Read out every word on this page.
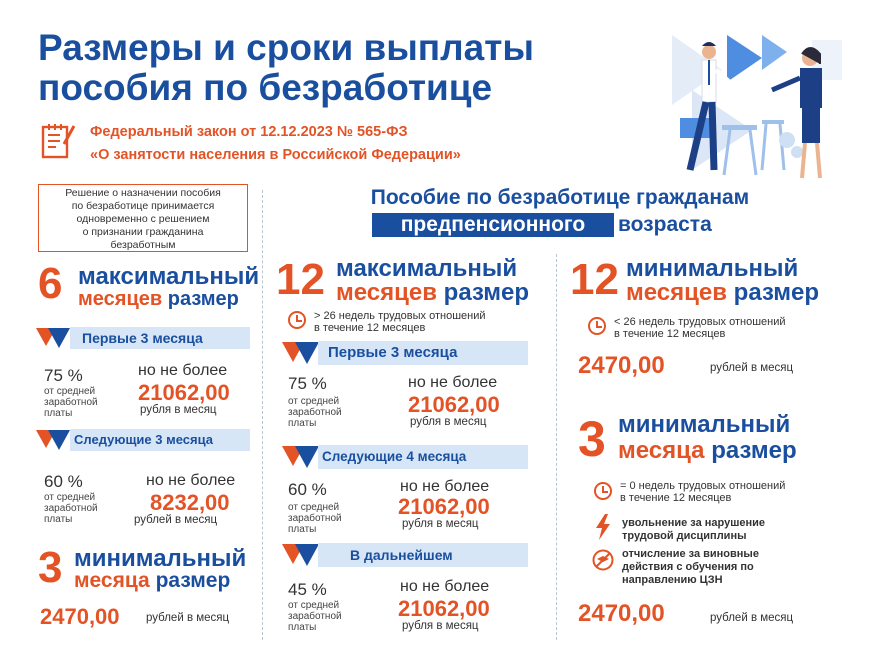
Размеры и сроки выплаты
пособия по безработице
Федеральный закон от 12.12.2023 № 565-ФЗ
«О занятости населения в Российской Федерации»
Решение о назначении пособия
по безработице принимается
одновременно с решением
о признании гражданина
безработным
Пособие по безработице гражданам
предпенсионного	возраста
6 максимальный
месяцев размер
Первые 3 месяца
75 %
от средней
заработной
платы
но не более
21062,00
рубля в месяц
Следующие 3 месяца
60 %
от средней
заработной
платы
но не более
8232,00
рублей в месяц
3 минимальный
месяца размер
2470,00 рублей в месяц
12 максимальный
месяцев размер
> 26 недель трудовых отношений
в течение 12 месяцев
Первые 3 месяца
75 %
от средней
заработной
платы
но не более
21062,00
рубля в месяц
Следующие 4 месяца
60 %
от средней
заработной
платы
но не более
21062,00
рубля в месяц
В дальнейшем
45 %
от средней
заработной
платы
но не более
21062,00
рубля в месяц
12 минимальный
месяцев размер
< 26 недель трудовых отношений
в течение 12 месяцев
2470,00	рублей в месяц
3 минимальный
месяца размер
= 0 недель трудовых отношений
в течение 12 месяцев
увольнение за нарушение
трудовой дисциплины
отчисление за виновные
действия с обучения по
направлению ЦЗН
2470,00	рублей в месяц
